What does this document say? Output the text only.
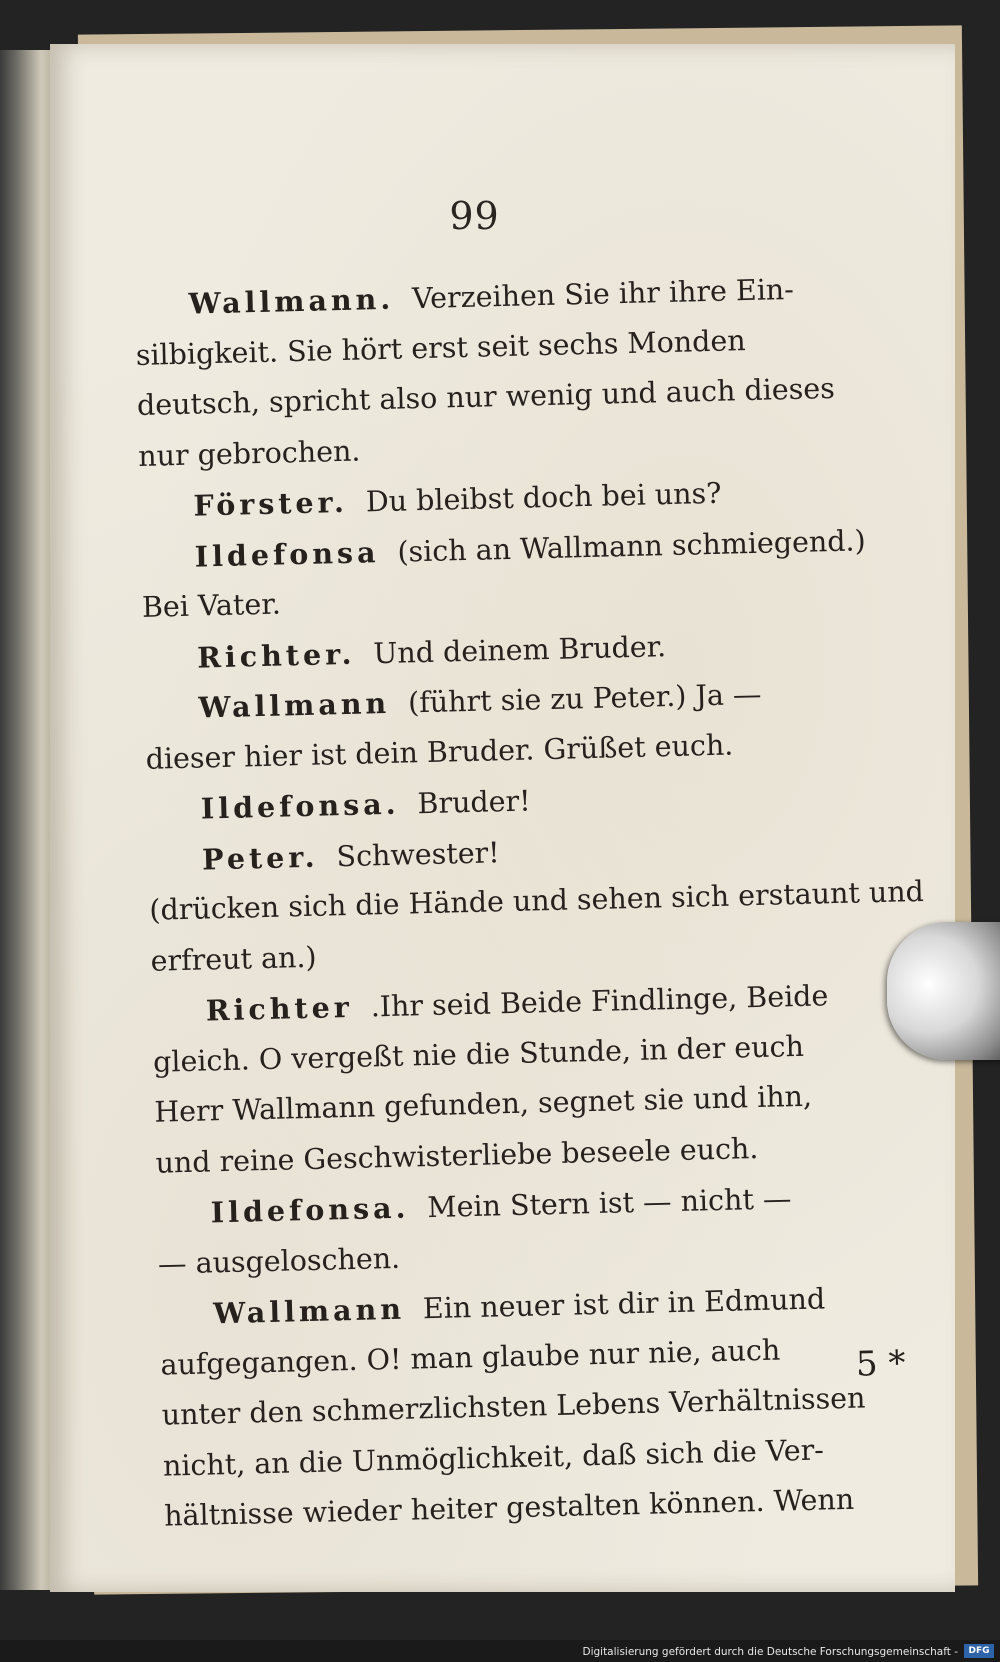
99
Wallmann. Verzeihen Sie ihr ihre Ein-
silbigkeit. Sie hört erst seit sechs Monden
deutsch, spricht also nur wenig und auch dieses
nur gebrochen.
Förster. Du bleibst doch bei uns?
Ildefonsa (sich an Wallmann schmiegend.)
Bei Vater.
Richter. Und deinem Bruder.
Wallmann (führt sie zu Peter.) Ja —
dieser hier ist dein Bruder. Grüßet euch.
Ildefonsa. Bruder!
Peter. Schwester!
(drücken sich die Hände und sehen sich erstaunt und
erfreut an.)
Richter .Ihr seid Beide Findlinge, Beide
gleich. O vergeßt nie die Stunde, in der euch
Herr Wallmann gefunden, segnet sie und ihn,
und reine Geschwisterliebe beseele euch.
Ildefonsa. Mein Stern ist — nicht —
— ausgeloschen.
Wallmann Ein neuer ist dir in Edmund
aufgegangen. O! man glaube nur nie, auch
unter den schmerzlichsten Lebens Verhältnissen
nicht, an die Unmöglichkeit, daß sich die Ver-
hältnisse wieder heiter gestalten können. Wenn
5 *
Digitalisierung gefördert durch die Deutsche Forschungsgemeinschaft -	DFG
